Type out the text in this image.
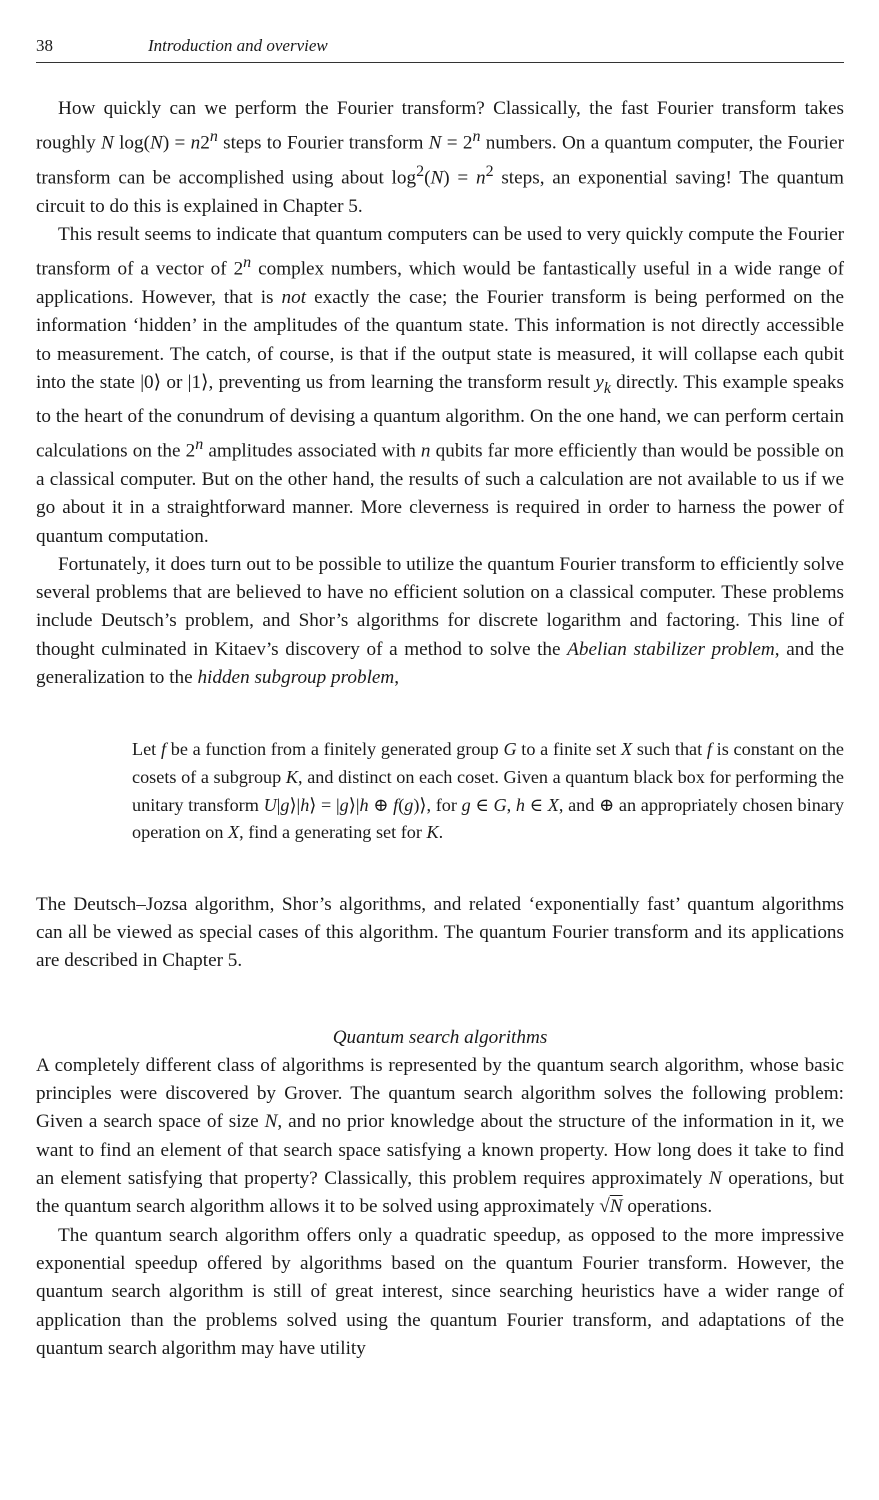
38	Introduction and overview

How quickly can we perform the Fourier transform? Classically, the fast Fourier transform takes roughly N $\log(N) = n2^n$ steps to Fourier transform $N = 2^n$ numbers. On a quantum computer, the Fourier transform can be accomplished using about $\log^2(N) = n^2$ steps, an exponential saving! The quantum circuit to do this is explained in Chapter 5.

This result seems to indicate that quantum computers can be used to very quickly compute the Fourier transform of a vector of 2$^n$ complex numbers, which would be fantastically useful in a wide range of applications. However, that is not exactly the case; the Fourier transform is being performed on the information ‘hidden’ in the amplitudes of the quantum state. This information is not directly accessible to measurement. The catch, of course, is that if the output state is measured, it will collapse each qubit into the state |0⟩ or |1⟩, preventing us from learning the transform result $y_k$ directly. This example speaks to the heart of the conundrum of devising a quantum algorithm. On the one hand, we can perform certain calculations on the 2$^n$ amplitudes associated with n qubits far more efficiently than would be possible on a classical computer. But on the other hand, the results of such a calculation are not available to us if we go about it in a straightforward manner. More cleverness is required in order to harness the power of quantum computation.

Fortunately, it does turn out to be possible to utilize the quantum Fourier transform to efficiently solve several problems that are believed to have no efficient solution on a classical computer. These problems include Deutsch’s problem, and Shor’s algorithms for discrete logarithm and factoring. This line of thought culminated in Kitaev’s discovery of a method to solve the Abelian stabilizer problem, and the generalization to the hidden subgroup problem,

Let f be a function from a finitely generated group G to a finite set X such that f is constant on the cosets of a subgroup K, and distinct on each coset. Given a quantum black box for performing the unitary transform U|g⟩|h⟩ = |g⟩|h ⊕ f(g)⟩, for g ∈ G, h ∈ X, and ⊕ an appropriately chosen binary operation on X, find a generating set for K.

The Deutsch–Jozsa algorithm, Shor’s algorithms, and related ‘exponentially fast’ quantum algorithms can all be viewed as special cases of this algorithm. The quantum Fourier transform and its applications are described in Chapter 5.

Quantum search algorithms

A completely different class of algorithms is represented by the quantum search algorithm, whose basic principles were discovered by Grover. The quantum search algorithm solves the following problem: Given a search space of size N, and no prior knowledge about the structure of the information in it, we want to find an element of that search space satisfying a known property. How long does it take to find an element satisfying that property? Classically, this problem requires approximately N operations, but the quantum search algorithm allows it to be solved using approximately √N operations.

The quantum search algorithm offers only a quadratic speedup, as opposed to the more impressive exponential speedup offered by algorithms based on the quantum Fourier transform. However, the quantum search algorithm is still of great interest, since searching heuristics have a wider range of application than the problems solved using the quantum Fourier transform, and adaptations of the quantum search algorithm may have utility
